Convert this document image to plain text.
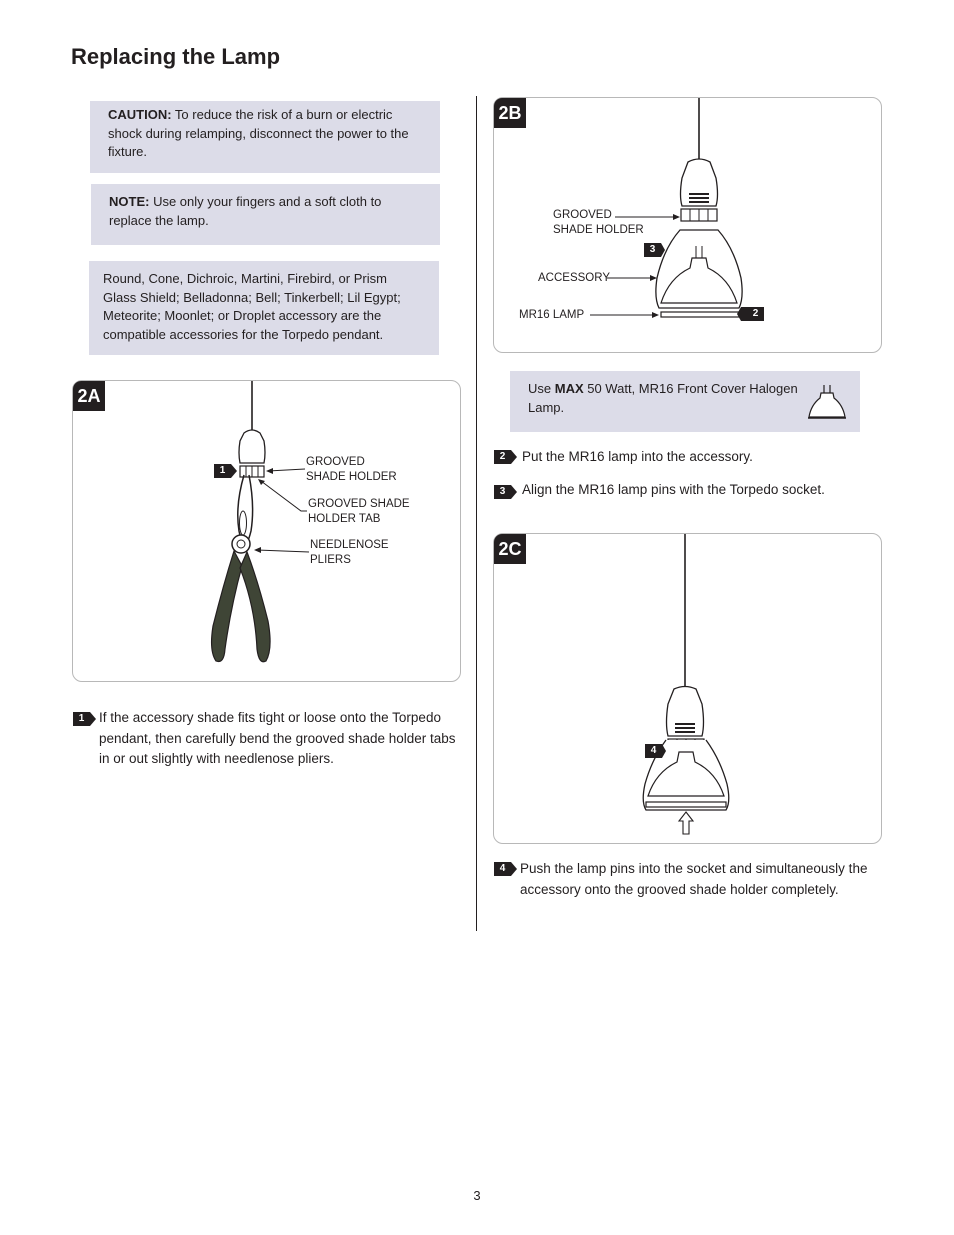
Replacing the Lamp
CAUTION: To reduce the risk of a burn or electric shock during relamping, disconnect the power to the fixture.
NOTE: Use only your fingers and a soft cloth to replace the lamp.
Round, Cone, Dichroic, Martini, Firebird, or Prism Glass Shield; Belladonna; Bell; Tinkerbell; Lil Egypt; Meteorite; Moonlet; or Droplet accessory are the compatible accessories for the Torpedo pendant.
2A
1
GROOVED
SHADE HOLDER
GROOVED SHADE
HOLDER TAB
NEEDLENOSE
PLIERS
1	If the accessory shade fits tight or loose onto the Torpedo pendant, then carefully bend the grooved shade holder tabs in or out slightly with needlenose pliers.
2B
3
2
GROOVED
SHADE HOLDER
ACCESSORY
MR16 LAMP
Use MAX 50 Watt, MR16 Front Cover Halogen Lamp.
2	Put the MR16 lamp into the accessory.
3	Align the MR16 lamp pins with the Torpedo socket.
2C
4
4	Push the lamp pins into the socket and simultaneously the accessory onto the grooved shade holder completely.
3
